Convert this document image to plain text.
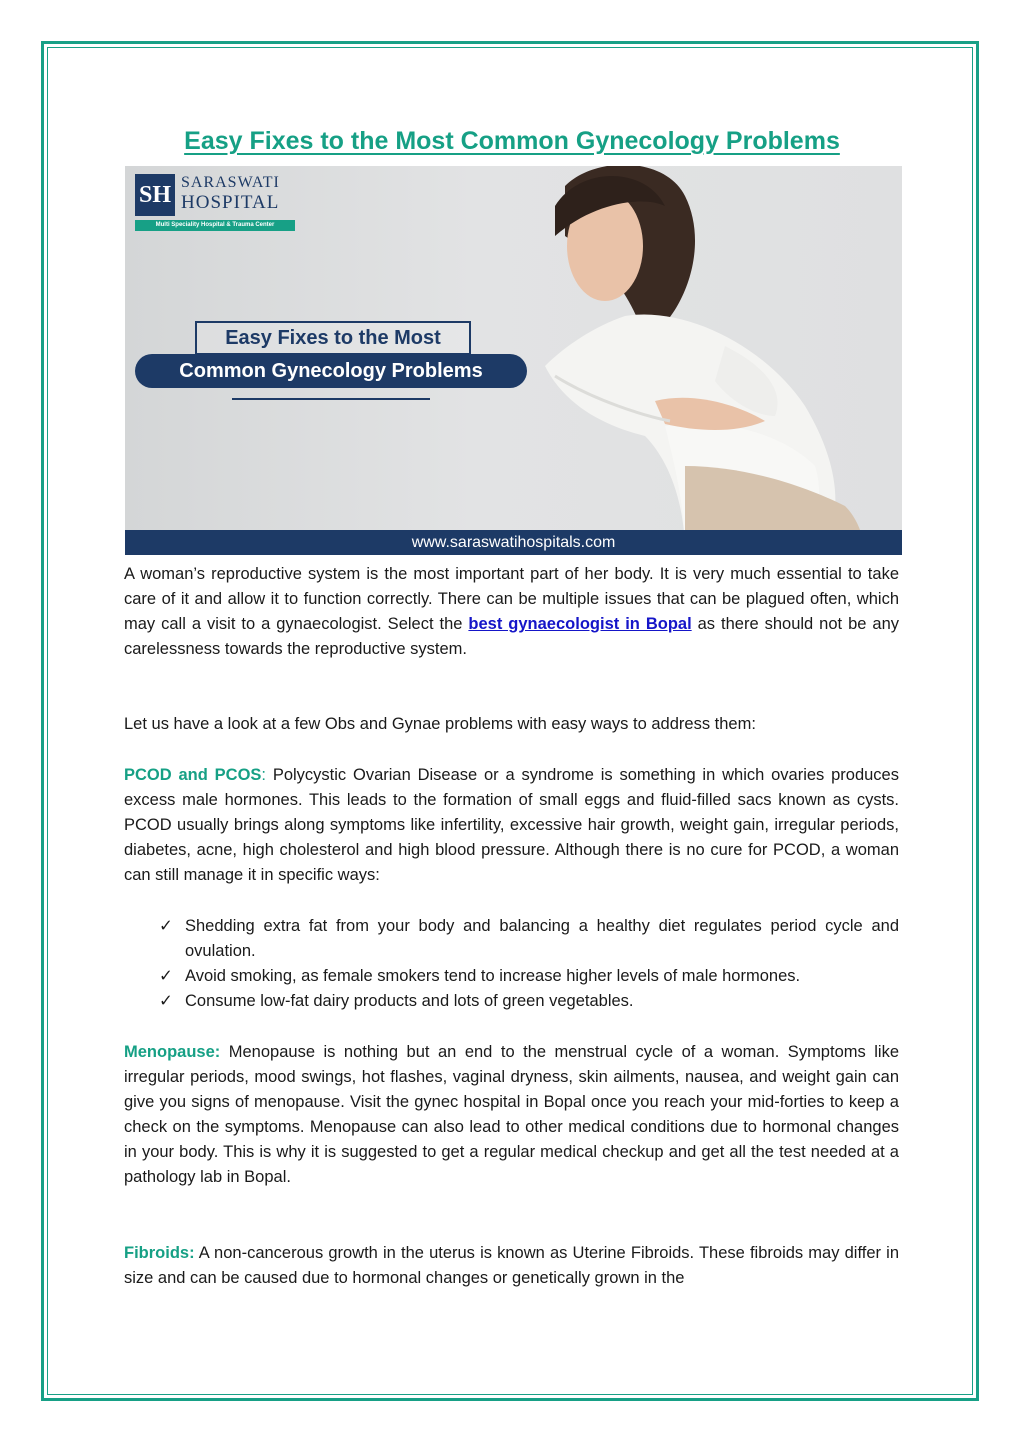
Easy Fixes to the Most Common Gynecology Problems
SH SARASWATI
HOSPITAL
Multi Speciality Hospital & Trauma Center
Easy Fixes to the Most
Common Gynecology Problems
www.saraswatihospitals.com

A woman’s reproductive system is the most important part of her body. It is very much essential to take care of it and allow it to function correctly. There can be multiple issues that can be plagued often, which may call a visit to a gynaecologist. Select the best gynaecologist in Bopal as there should not be any carelessness towards the reproductive system.

Let us have a look at a few Obs and Gynae problems with easy ways to address them:

PCOD and PCOS: Polycystic Ovarian Disease or a syndrome is something in which ovaries produces excess male hormones. This leads to the formation of small eggs and fluid-filled sacs known as cysts. PCOD usually brings along symptoms like infertility, excessive hair growth, weight gain, irregular periods, diabetes, acne, high cholesterol and high blood pressure. Although there is no cure for PCOD, a woman can still manage it in specific ways:

✓ Shedding extra fat from your body and balancing a healthy diet regulates period cycle and ovulation.
✓ Avoid smoking, as female smokers tend to increase higher levels of male hormones.
✓ Consume low-fat dairy products and lots of green vegetables.

Menopause: Menopause is nothing but an end to the menstrual cycle of a woman. Symptoms like irregular periods, mood swings, hot flashes, vaginal dryness, skin ailments, nausea, and weight gain can give you signs of menopause. Visit the gynec hospital in Bopal once you reach your mid-forties to keep a check on the symptoms. Menopause can also lead to other medical conditions due to hormonal changes in your body. This is why it is suggested to get a regular medical checkup and get all the test needed at a pathology lab in Bopal.

Fibroids: A non-cancerous growth in the uterus is known as Uterine Fibroids. These fibroids may differ in size and can be caused due to hormonal changes or genetically grown in the
